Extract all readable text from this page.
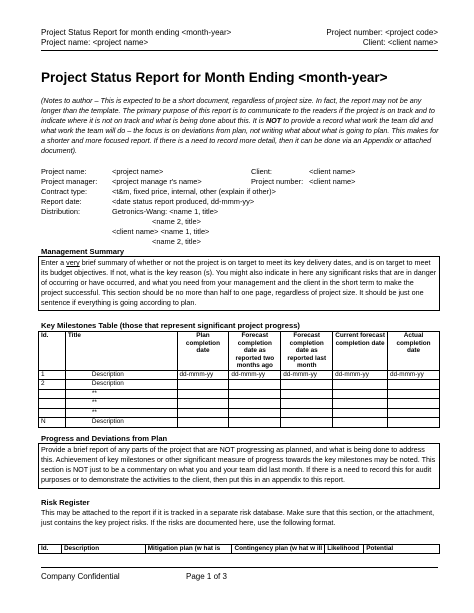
Project Status Report for month ending <month-year>
Project name: <project name>
Project number: <project code>
Client: <client name>
Project Status Report for Month Ending <month-year>
(Notes to author – This is expected to be a short document, regardless of project size. In fact, the report may not be any longer than the template. The primary purpose of this report is to communicate to the readers if the project is on track and to indicate where it is not on track and what is being done about this. It is NOT to provide a record what work the team did and what work the team will do – the focus is on deviations from plan, not writing what about what is going to plan. This makes for a shorter and more focused report. If there is a need to record more detail, then it can be done via an Appendix or attached document).
Project name:	<project name>	Client:	<client name>
Project manager: <project manage r's name>	Project number: <client name>
Contract type:	<t&m, fixed price, internal, other (explain if other)>
Report date:	<date status report produced, dd-mmm-yy>
Distribution:	Getronics-Wang: <name 1, title>
<name 2, title>
<client name> <name 1, title>
<name 2, title>
Management Summary
Enter a very brief summary of whether or not the project is on target to meet its key delivery dates, and is on target to meet its budget objectives. If not, what is the key reason (s). You might also indicate in here any significant risks that are in danger of occurring or have occurred, and what you need from your management and the client in the short term to make the project successful. This section should be no more than half to one page, regardless of project size. It should be just one sentence if everything is going according to plan.
Key Milestones Table (those that represent significant project progress)
Id.	Title	Plan completion date	Forecast completion date as reported two months ago	Forecast completion date as reported last month	Current forecast completion date	Actual completion date
1	Description	dd-mmm-yy	dd-mmm-yy	dd-mmm-yy	dd-mmm-yy	dd-mmm-yy
2	Description					
	**					
	**					
	**					
N	Description					
Progress and Deviations from Plan
Provide a brief report of any parts of the project that are NOT progressing as planned, and what is being done to address this. Achievement of key milestones or other significant measure of progress towards the key milestones may be noted. This section is NOT just to be a commentary on what you and your team did last month. If there is a need to record this for audit purposes or to demonstrate the activities to the client, then put this in an appendix to this report.
Risk Register
This may be attached to the report if it is tracked in a separate risk database. Make sure that this section, or the attachment, just contains the key project risks. If the risks are documented here, use the following format.
Id.	Description	Mitigation plan (w hat is	Contingency plan (w hat w ill	Likelihood	Potential
Company Confidential	Page 1 of 3
